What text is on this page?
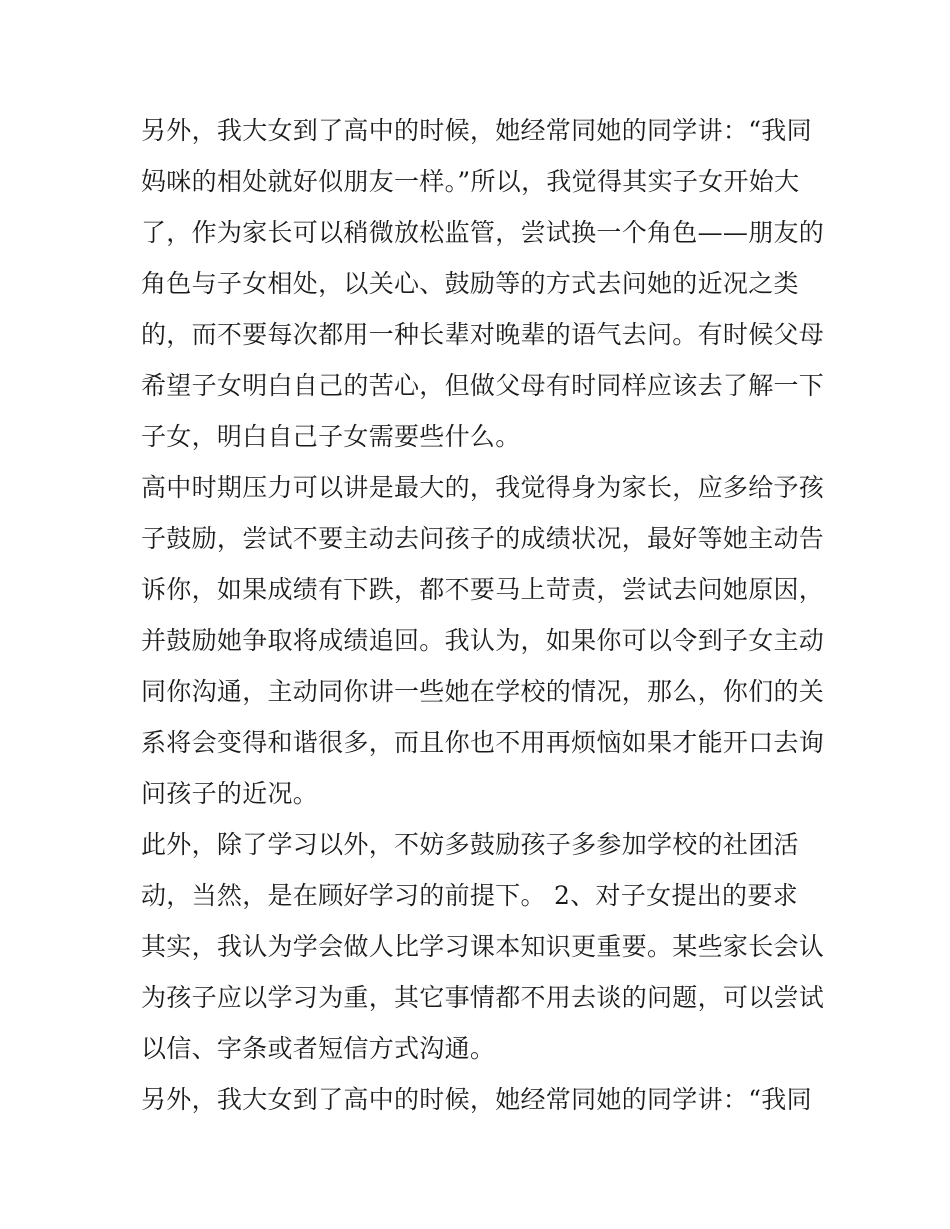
另外，我大女到了高中的时候，她经常同她的同学讲：“我同
妈咪的相处就好似朋友一样。”所以，我觉得其实子女开始大
了，作为家长可以稍微放松监管，尝试换一个角色——朋友的
角色与子女相处，以关心、鼓励等的方式去问她的近况之类
的，而不要每次都用一种长辈对晚辈的语气去问。有时候父母
希望子女明白自己的苦心，但做父母有时同样应该去了解一下
子女，明白自己子女需要些什么。
高中时期压力可以讲是最大的，我觉得身为家长，应多给予孩
子鼓励，尝试不要主动去问孩子的成绩状况，最好等她主动告
诉你，如果成绩有下跌，都不要马上苛责，尝试去问她原因，
并鼓励她争取将成绩追回。我认为，如果你可以令到子女主动
同你沟通，主动同你讲一些她在学校的情况，那么，你们的关
系将会变得和谐很多，而且你也不用再烦恼如果才能开口去询
问孩子的近况。
此外，除了学习以外，不妨多鼓励孩子多参加学校的社团活
动，当然，是在顾好学习的前提下。 2、对子女提出的要求
其实，我认为学会做人比学习课本知识更重要。某些家长会认
为孩子应以学习为重，其它事情都不用去谈的问题，可以尝试
以信、字条或者短信方式沟通。
另外，我大女到了高中的时候，她经常同她的同学讲：“我同
